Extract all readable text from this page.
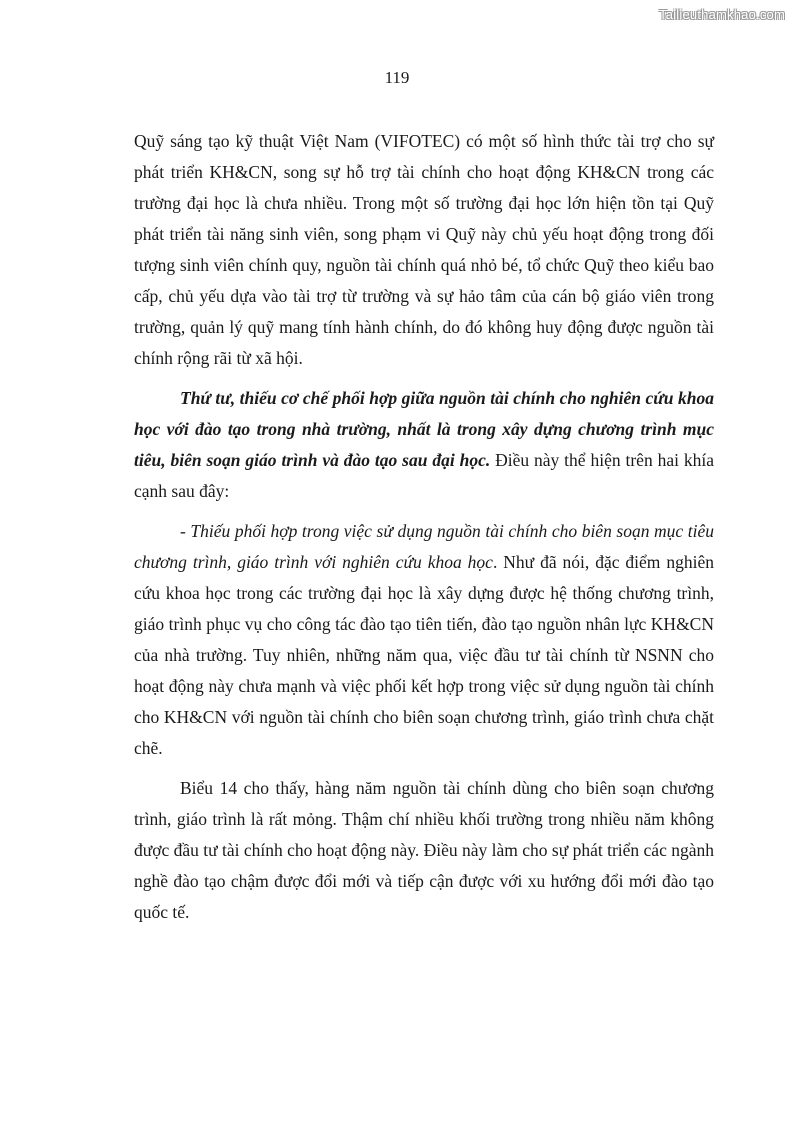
Tailieuthamkhao.com
119

Quỹ sáng tạo kỹ thuật Việt Nam (VIFOTEC) có một số hình thức tài trợ cho sự phát triển KH&CN, song sự hỗ trợ tài chính cho hoạt động KH&CN trong các trường đại học là chưa nhiều. Trong một số trường đại học lớn hiện tồn tại Quỹ phát triển tài năng sinh viên, song phạm vi Quỹ này chủ yếu hoạt động trong đối tượng sinh viên chính quy, nguồn tài chính quá nhỏ bé, tổ chức Quỹ theo kiểu bao cấp, chủ yếu dựa vào tài trợ từ trường và sự hảo tâm của cán bộ giáo viên trong trường, quản lý quỹ mang tính hành chính, do đó không huy động được nguồn tài chính rộng rãi từ xã hội.

Thứ tư, thiếu cơ chế phối hợp giữa nguồn tài chính cho nghiên cứu khoa học với đào tạo trong nhà trường, nhất là trong xây dựng chương trình mục tiêu, biên soạn giáo trình và đào tạo sau đại học. Điều này thể hiện trên hai khía cạnh sau đây:

- Thiếu phối hợp trong việc sử dụng nguồn tài chính cho biên soạn mục tiêu chương trình, giáo trình với nghiên cứu khoa học. Như đã nói, đặc điểm nghiên cứu khoa học trong các trường đại học là xây dựng được hệ thống chương trình, giáo trình phục vụ cho công tác đào tạo tiên tiến, đào tạo nguồn nhân lực KH&CN của nhà trường. Tuy nhiên, những năm qua, việc đầu tư tài chính từ NSNN cho hoạt động này chưa mạnh và việc phối kết hợp trong việc sử dụng nguồn tài chính cho KH&CN với nguồn tài chính cho biên soạn chương trình, giáo trình chưa chặt chẽ.

Biểu 14 cho thấy, hàng năm nguồn tài chính dùng cho biên soạn chương trình, giáo trình là rất mỏng. Thậm chí nhiều khối trường trong nhiều năm không được đầu tư tài chính cho hoạt động này. Điều này làm cho sự phát triển các ngành nghề đào tạo chậm được đổi mới và tiếp cận được với xu hướng đổi mới đào tạo quốc tế.
